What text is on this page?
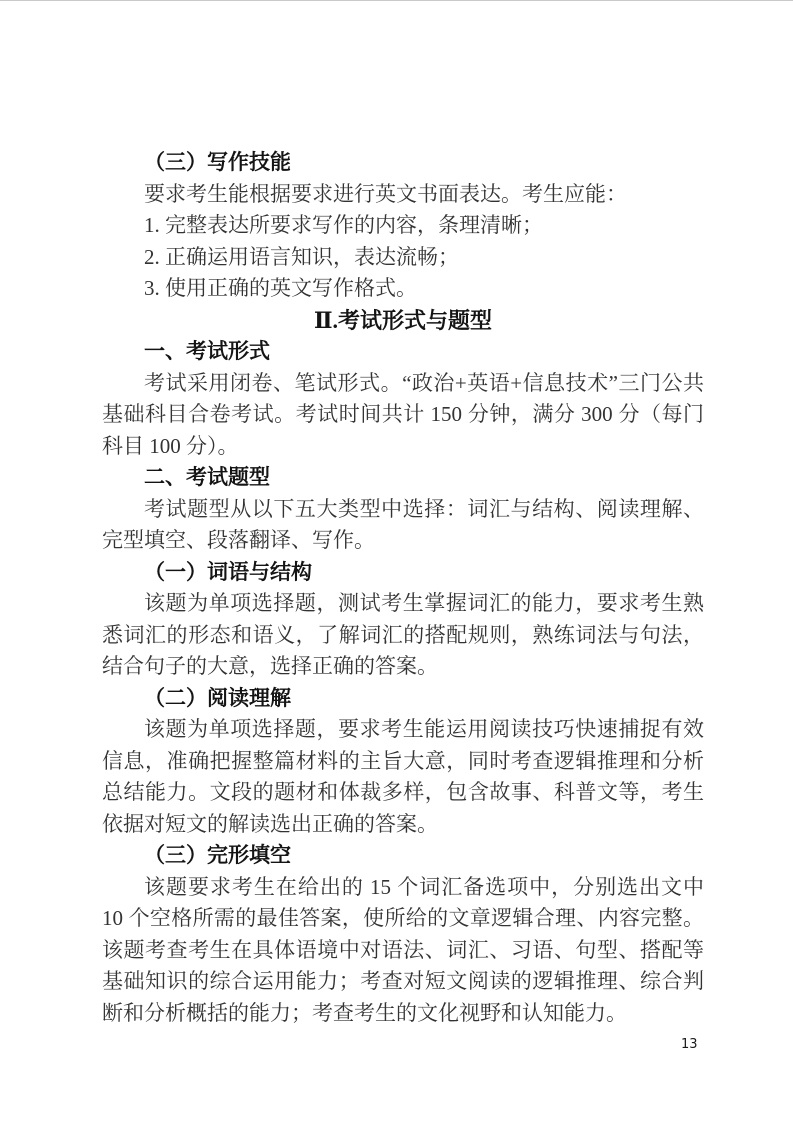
（三）写作技能

要求考生能根据要求进行英文书面表达。考生应能：

1. 完整表达所要求写作的内容，条理清晰；

2. 正确运用语言知识，表达流畅；

3. 使用正确的英文写作格式。

Ⅱ.考试形式与题型

一、考试形式

考试采用闭卷、笔试形式。“政治+英语+信息技术”三门公共基础科目合卷考试。考试时间共计 150 分钟，满分 300 分（每门科目 100 分）。

二、考试题型

考试题型从以下五大类型中选择：词汇与结构、阅读理解、完型填空、段落翻译、写作。

（一）词语与结构

该题为单项选择题，测试考生掌握词汇的能力，要求考生熟悉词汇的形态和语义，了解词汇的搭配规则，熟练词法与句法，结合句子的大意，选择正确的答案。

（二）阅读理解

该题为单项选择题，要求考生能运用阅读技巧快速捕捉有效信息，准确把握整篇材料的主旨大意，同时考查逻辑推理和分析总结能力。文段的题材和体裁多样，包含故事、科普文等，考生依据对短文的解读选出正确的答案。

（三）完形填空

该题要求考生在给出的 15 个词汇备选项中，分别选出文中 10 个空格所需的最佳答案，使所给的文章逻辑合理、内容完整。该题考查考生在具体语境中对语法、词汇、习语、句型、搭配等基础知识的综合运用能力；考查对短文阅读的逻辑推理、综合判断和分析概括的能力；考查考生的文化视野和认知能力。

13
